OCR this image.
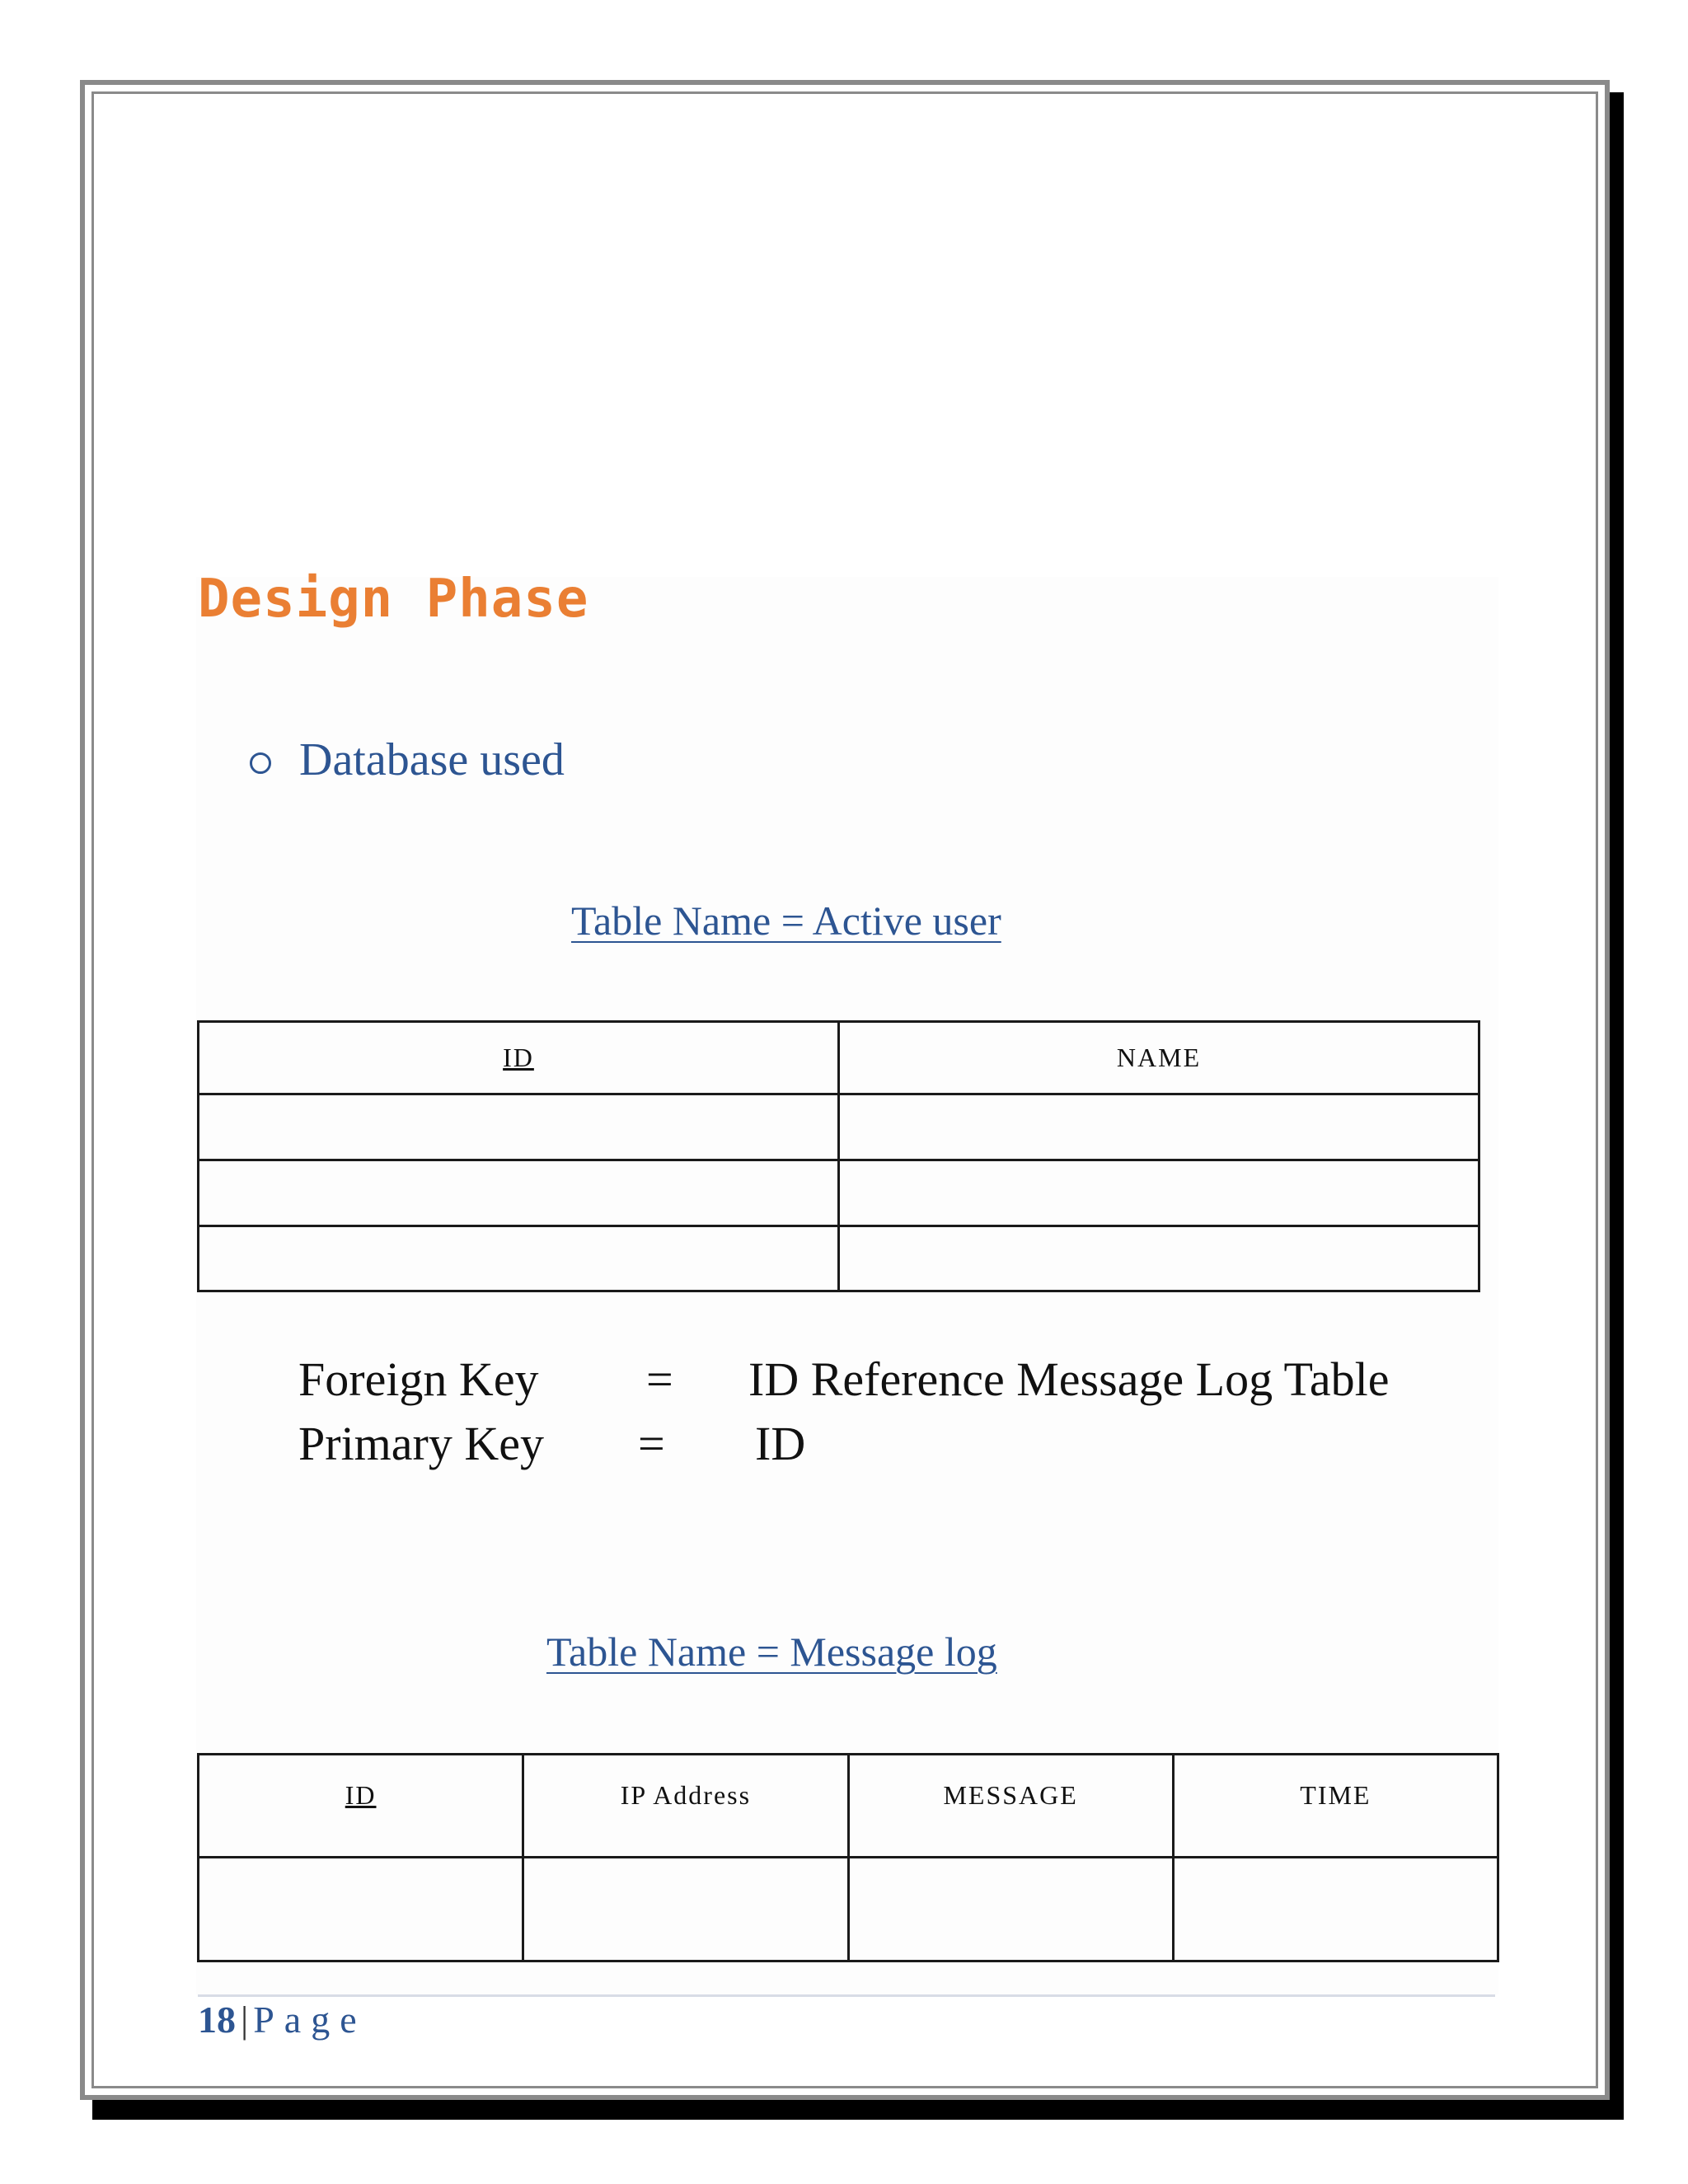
Design Phase
Database used
Table Name = Active user
ID	NAME

Foreign Key = ID Reference Message Log Table
Primary Key = ID
Table Name = Message log
ID	IP Address	MESSAGE	TIME

18 | Page
